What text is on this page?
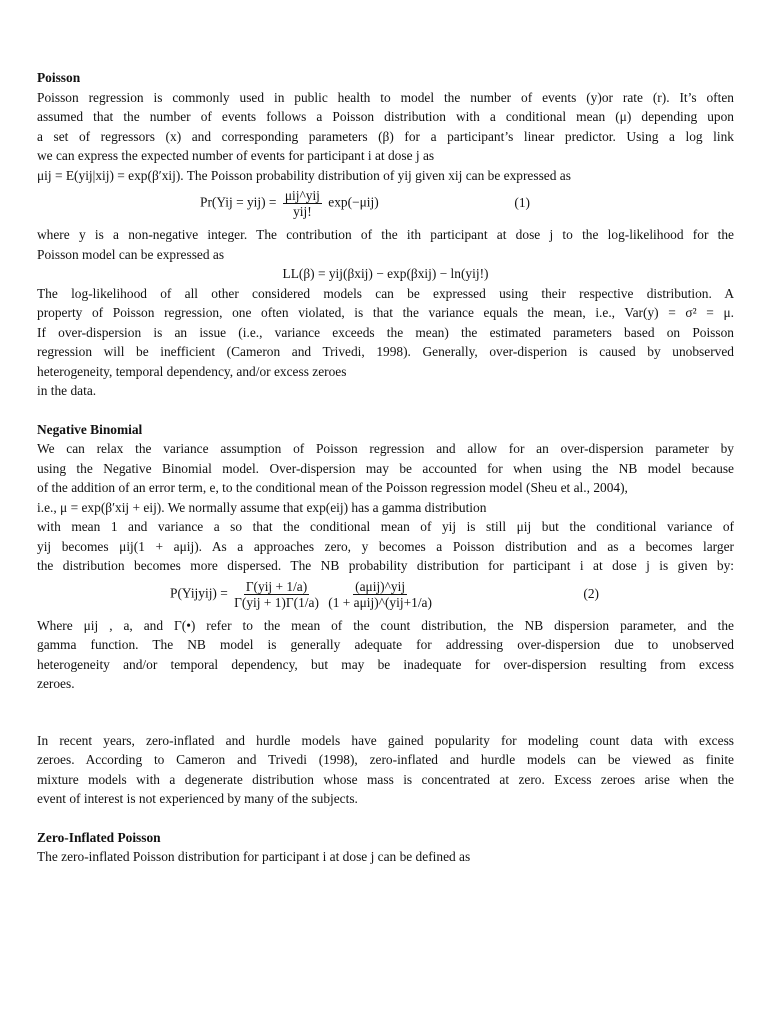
Poisson
Poisson regression is commonly used in public health to model the number of events (y)or rate (r). It’s often
assumed that the number of events follows a Poisson distribution with a conditional mean (μ) depending upon
a set of regressors (x) and corresponding parameters (β) for a participant’s linear predictor. Using a log link
we can express the expected number of events for participant i at dose j as
μij = E(yij|xij) = exp(β′xij). The Poisson probability distribution of yij given xij can be expressed as
$Pr(Yij = yij) = \frac{\text{μij\textasciicircum{}yij}}{\text{yij!}} \exp(-\mu ij)$	(1)
where y is a non-negative integer. The contribution of the ith participant at dose j to the log-likelihood for the
Poisson model can be expressed as
LL(β) = yij(βxij) − exp(βxij) − ln(yij!)
The log-likelihood of all other considered models can be expressed using their respective distribution. A
property of Poisson regression, one often violated, is that the variance equals the mean, i.e., Var(y) = σ² = μ.
If over-dispersion is an issue (i.e., variance exceeds the mean) the estimated parameters based on Poisson
regression will be inefficient (Cameron and Trivedi, 1998). Generally, over-disperion is caused by unobserved
heterogeneity, temporal dependency, and/or excess zeroes
in the data.
Negative Binomial
We can relax the variance assumption of Poisson regression and allow for an over-dispersion parameter by
using the Negative Binomial model. Over-dispersion may be accounted for when using the NB model because
of the addition of an error term, e, to the conditional mean of the Poisson regression model (Sheu et al., 2004),
i.e., μ = exp(β′xij + eij). We normally assume that exp(eij) has a gamma distribution
with mean 1 and variance a so that the conditional mean of yij is still μij but the conditional variance of
yij becomes μij(1 + aμij). As a approaches zero, y becomes a Poisson distribution and as a becomes larger
the distribution becomes more dispersed. The NB probability distribution for participant i at dose j is given by:
P(Yijyij) = $\frac{\text{Γ(yij + 1/a)}}{\text{Γ(yij + 1)Γ(1/a)}}$
$\frac{\text{(aμij)\textasciicircum{}yij}}{\text{(1 + aμij)\textasciicircum{}(yij+1/a)}}$	(2)
Where μij , a, and Γ(•) refer to the mean of the count distribution, the NB dispersion parameter, and the
gamma function. The NB model is generally adequate for addressing over-dispersion due to unobserved
heterogeneity and/or temporal dependency, but may be inadequate for over-dispersion resulting from excess
zeroes.
In recent years, zero-inflated and hurdle models have gained popularity for modeling count data with excess
zeroes. According to Cameron and Trivedi (1998), zero-inflated and hurdle models can be viewed as finite
mixture models with a degenerate distribution whose mass is concentrated at zero. Excess zeroes arise when the
event of interest is not experienced by many of the subjects.
Zero-Inflated Poisson
The zero-inflated Poisson distribution for participant i at dose j can be defined as
